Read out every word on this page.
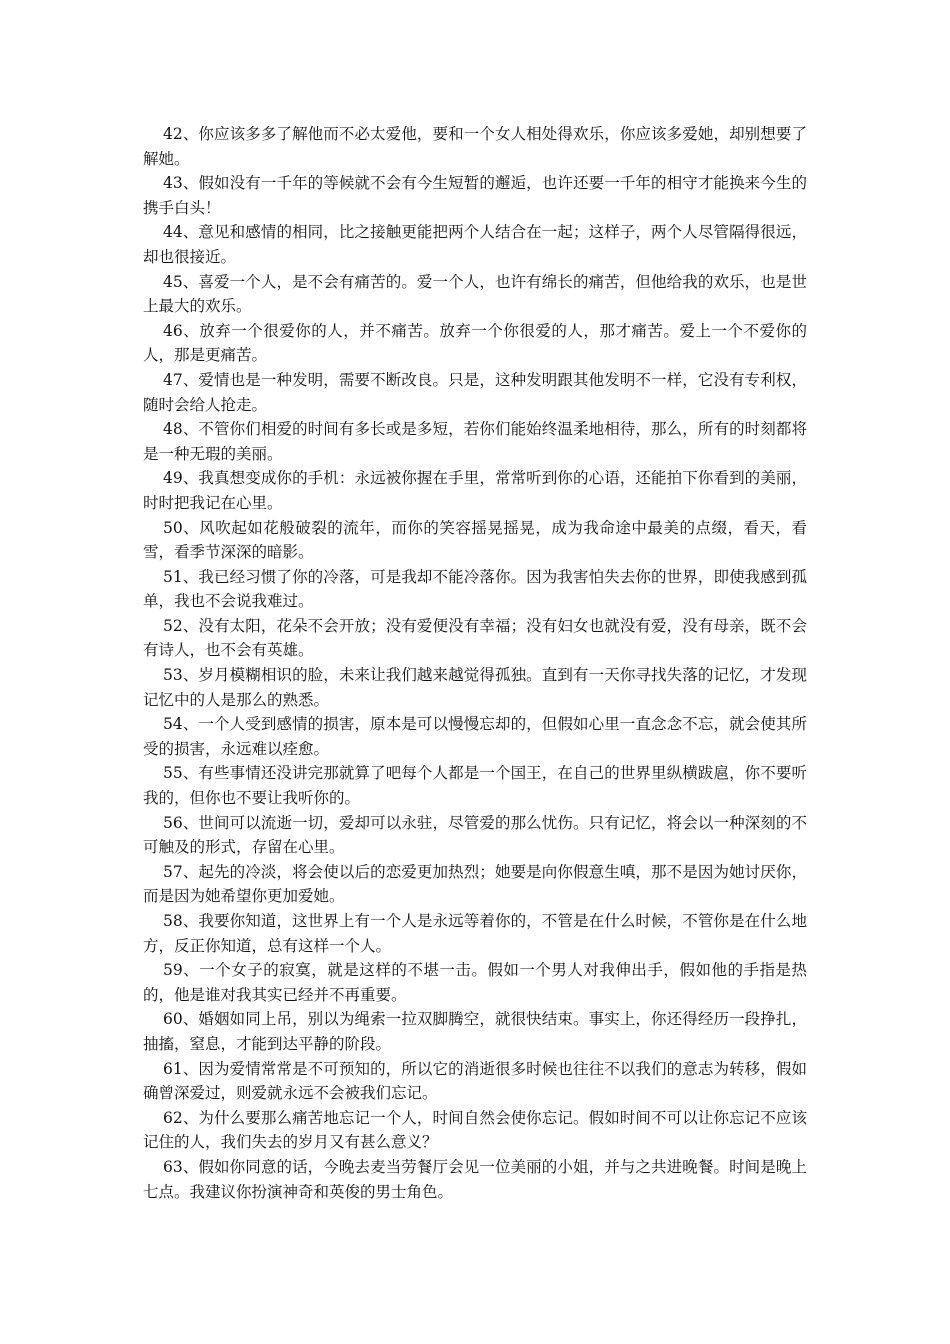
42、你应该多多了解他而不必太爱他，要和一个女人相处得欢乐，你应该多爱她，却别想要了解她。

43、假如没有一千年的等候就不会有今生短暂的邂逅，也许还要一千年的相守才能换来今生的携手白头！

44、意见和感情的相同，比之接触更能把两个人结合在一起；这样子，两个人尽管隔得很远，却也很接近。

45、喜爱一个人，是不会有痛苦的。爱一个人，也许有绵长的痛苦，但他给我的欢乐，也是世上最大的欢乐。

46、放弃一个很爱你的人，并不痛苦。放弃一个你很爱的人，那才痛苦。爱上一个不爱你的人，那是更痛苦。

47、爱情也是一种发明，需要不断改良。只是，这种发明跟其他发明不一样，它没有专利权，随时会给人抢走。

48、不管你们相爱的时间有多长或是多短，若你们能始终温柔地相待，那么，所有的时刻都将是一种无瑕的美丽。

49、我真想变成你的手机：永远被你握在手里，常常听到你的心语，还能拍下你看到的美丽，时时把我记在心里。

50、风吹起如花般破裂的流年，而你的笑容摇晃摇晃，成为我命途中最美的点缀，看天，看雪，看季节深深的暗影。

51、我已经习惯了你的冷落，可是我却不能冷落你。因为我害怕失去你的世界，即使我感到孤单，我也不会说我难过。

52、没有太阳，花朵不会开放；没有爱便没有幸福；没有妇女也就没有爱，没有母亲，既不会有诗人，也不会有英雄。

53、岁月模糊相识的脸，未来让我们越来越觉得孤独。直到有一天你寻找失落的记忆，才发现记忆中的人是那么的熟悉。

54、一个人受到感情的损害，原本是可以慢慢忘却的，但假如心里一直念念不忘，就会使其所受的损害，永远难以痊愈。

55、有些事情还没讲完那就算了吧每个人都是一个国王，在自己的世界里纵横跋扈，你不要听我的，但你也不要让我听你的。

56、世间可以流逝一切，爱却可以永驻，尽管爱的那么忧伤。只有记忆，将会以一种深刻的不可触及的形式，存留在心里。

57、起先的冷淡，将会使以后的恋爱更加热烈；她要是向你假意生嗔，那不是因为她讨厌你，而是因为她希望你更加爱她。

58、我要你知道，这世界上有一个人是永远等着你的，不管是在什么时候，不管你是在什么地方，反正你知道，总有这样一个人。

59、一个女子的寂寞，就是这样的不堪一击。假如一个男人对我伸出手，假如他的手指是热的，他是谁对我其实已经并不再重要。

60、婚姻如同上吊，别以为绳索一拉双脚腾空，就很快结束。事实上，你还得经历一段挣扎，抽搐，窒息，才能到达平静的阶段。

61、因为爱情常常是不可预知的，所以它的消逝很多时候也往往不以我们的意志为转移，假如确曾深爱过，则爱就永远不会被我们忘记。

62、为什么要那么痛苦地忘记一个人，时间自然会使你忘记。假如时间不可以让你忘记不应该记住的人，我们失去的岁月又有甚么意义？

63、假如你同意的话，今晚去麦当劳餐厅会见一位美丽的小姐，并与之共进晚餐。时间是晚上七点。我建议你扮演神奇和英俊的男士角色。
